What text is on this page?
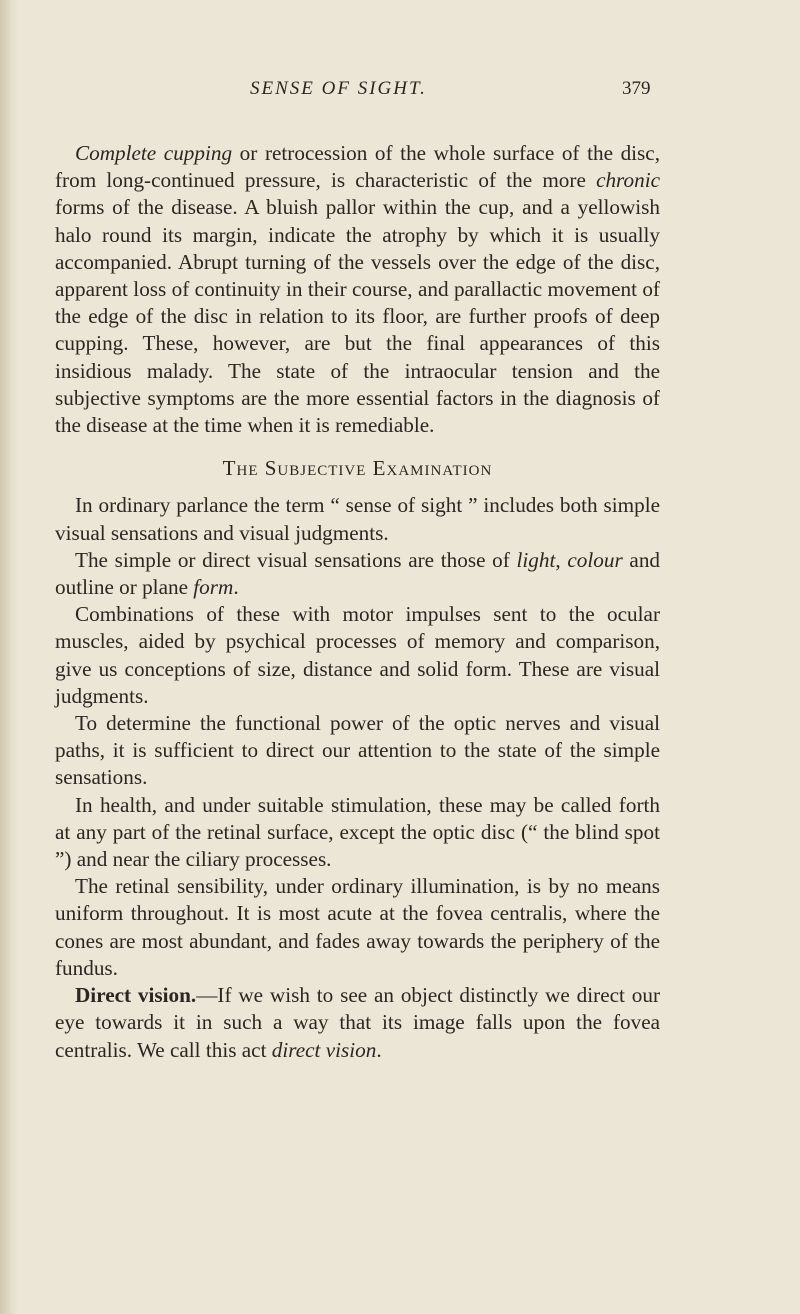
SENSE OF SIGHT.	379

Complete cupping or retrocession of the whole surface of the disc, from long-continued pressure, is characteristic of the more chronic forms of the disease. A bluish pallor within the cup, and a yellowish halo round its margin, indicate the atrophy by which it is usually accompanied. Abrupt turning of the vessels over the edge of the disc, apparent loss of continuity in their course, and parallactic movement of the edge of the disc in relation to its floor, are further proofs of deep cupping. These, however, are but the final appearances of this insidious malady. The state of the intraocular tension and the subjective symptoms are the more essential factors in the diagnosis of the disease at the time when it is remediable.

The Subjective Examination

In ordinary parlance the term “ sense of sight ” includes both simple visual sensations and visual judgments.

The simple or direct visual sensations are those of light, colour and outline or plane form.

Combinations of these with motor impulses sent to the ocular muscles, aided by psychical processes of memory and comparison, give us conceptions of size, distance and solid form. These are visual judgments.

To determine the functional power of the optic nerves and visual paths, it is sufficient to direct our attention to the state of the simple sensations.

In health, and under suitable stimulation, these may be called forth at any part of the retinal surface, except the optic disc (“ the blind spot ”) and near the ciliary processes.

The retinal sensibility, under ordinary illumination, is by no means uniform throughout. It is most acute at the fovea centralis, where the cones are most abundant, and fades away towards the periphery of the fundus.

Direct vision.—If we wish to see an object distinctly we direct our eye towards it in such a way that its image falls upon the fovea centralis. We call this act direct vision.
